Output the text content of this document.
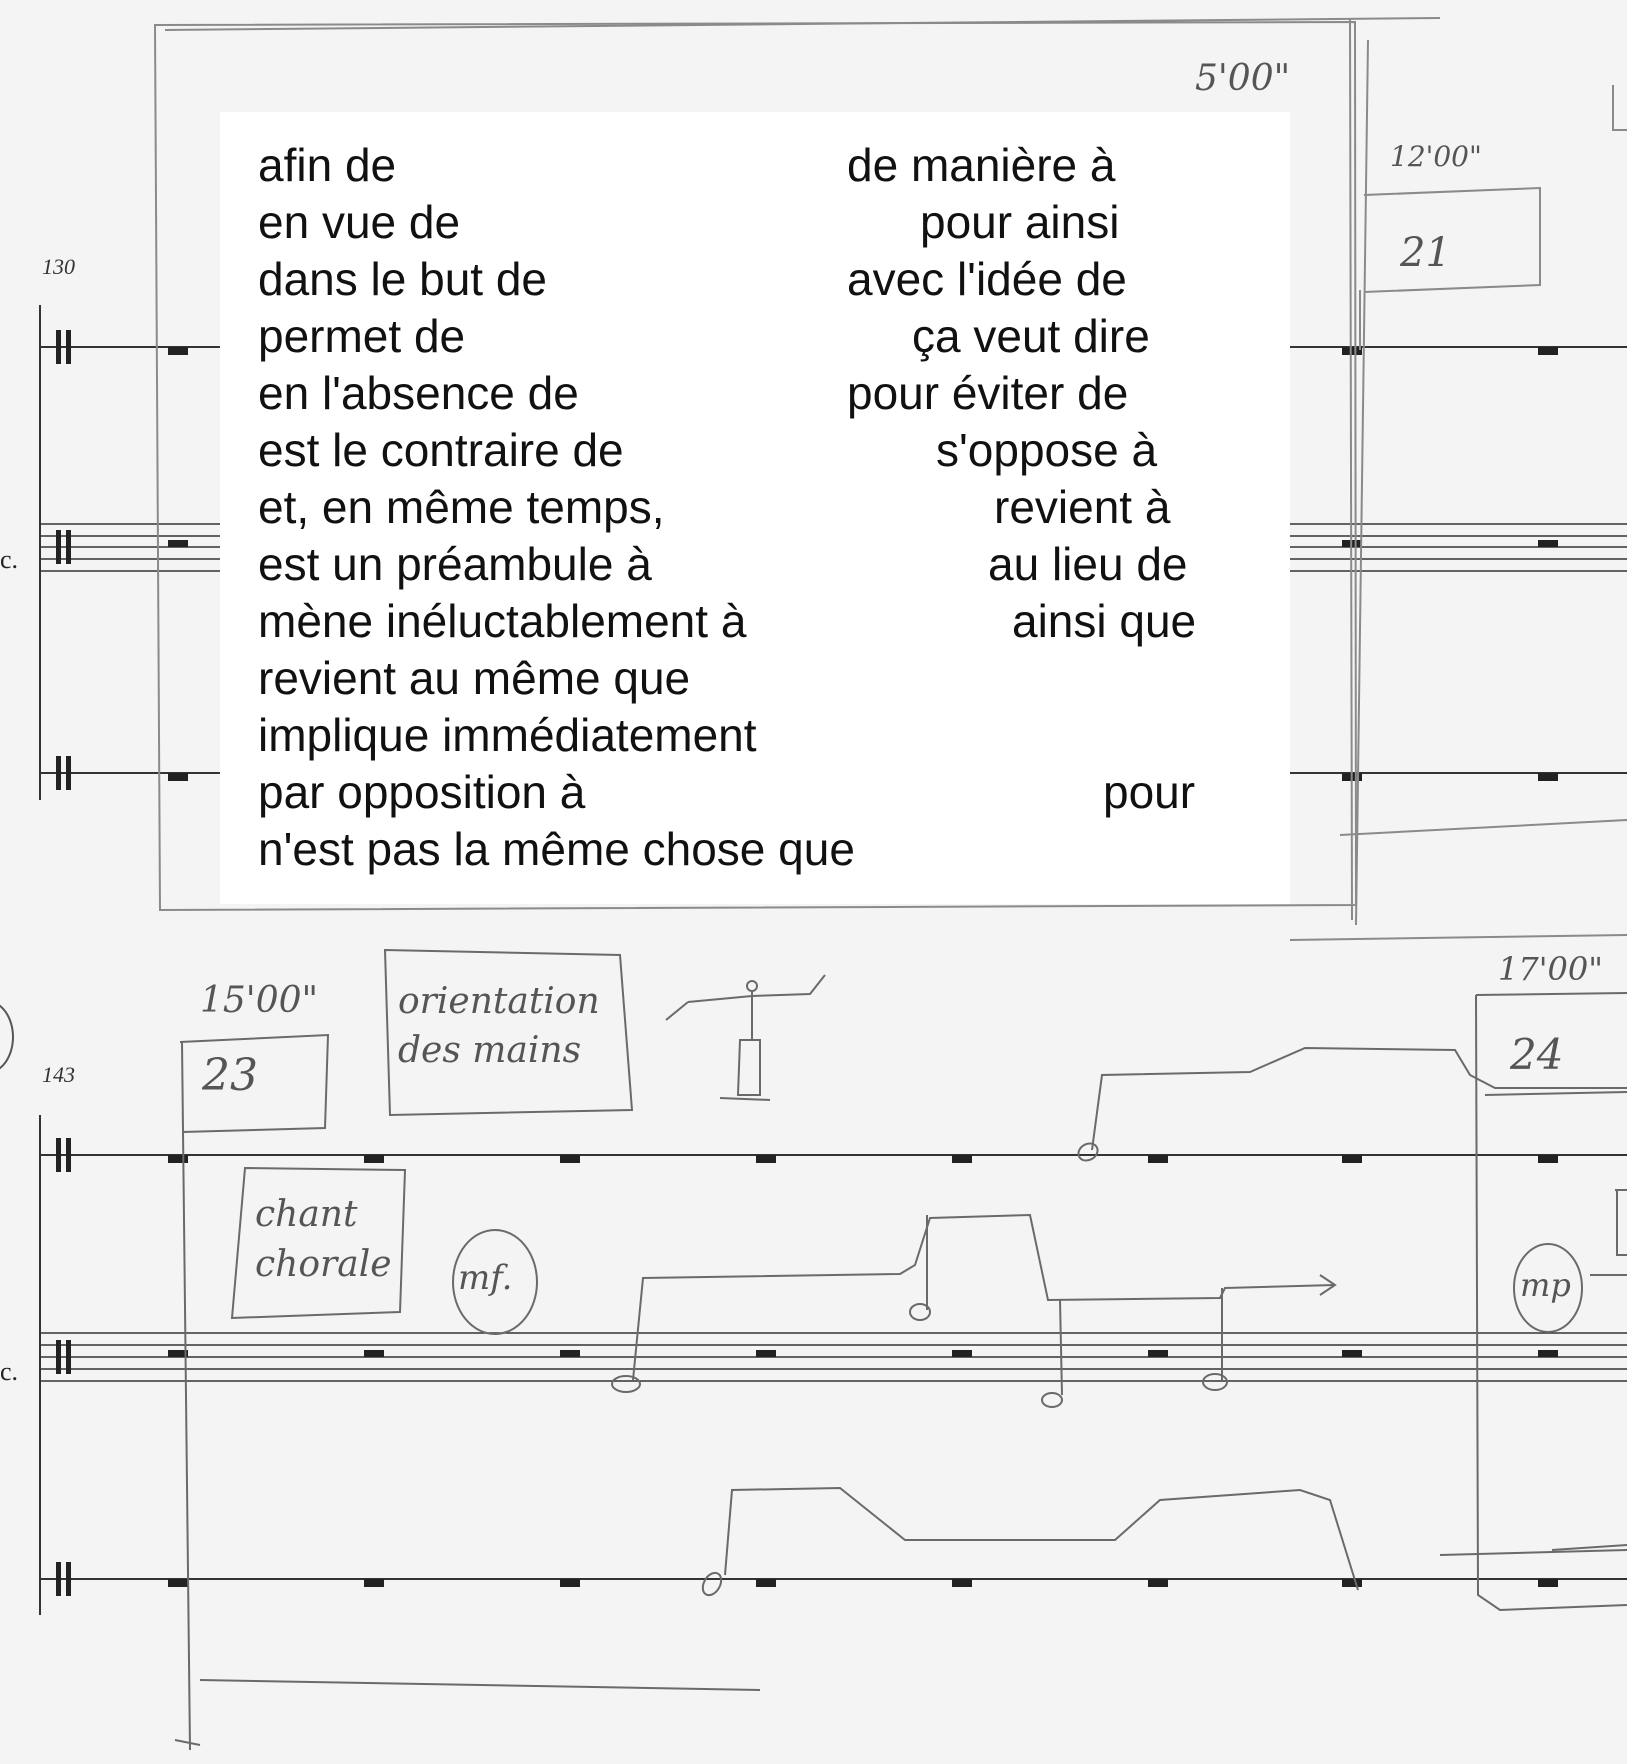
130
143
c.
c.
5'00"
12'00"
21
15'00"
23
orientation des mains
chant chorale	mf.
17'00"
24
mp
afin de
en vue de
dans le but de
permet de
en l'absence de
est le contraire de
et, en même temps,
est un préambule à
mène inéluctablement à
revient au même que
implique immédiatement
par opposition à
n'est pas la même chose que
de manière à
pour ainsi
avec l'idée de
ça veut dire
pour éviter de
s'oppose à
revient à
au lieu de
ainsi que
pour
